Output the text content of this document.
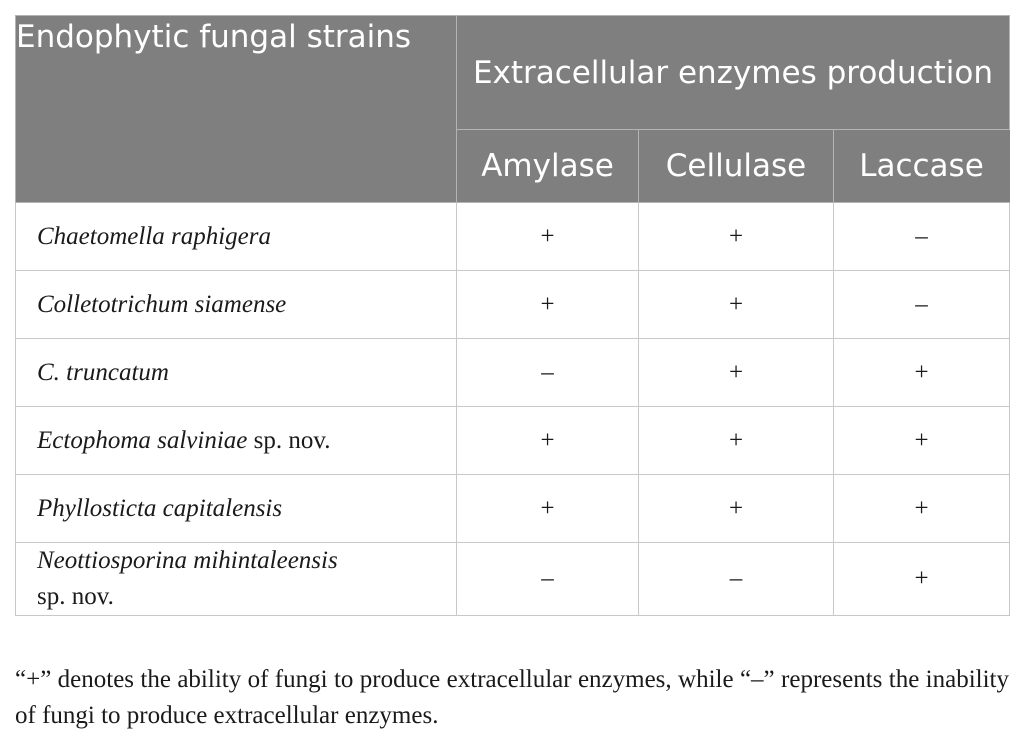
Endophytic fungal strains	Extracellular enzymes production		
	Amylase	Cellulase	Laccase
Chaetomella raphigera	+	+	–
Colletotrichum siamense	+	+	–
C. truncatum	–	+	+
Ectophoma salviniae sp. nov.	+	+	+
Phyllosticta capitalensis	+	+	+
Neottiosporina mihintaleensis
sp. nov.	–	–	+

“+” denotes the ability of fungi to produce extracellular enzymes, while “–” represents the inability of fungi to produce extracellular enzymes.
